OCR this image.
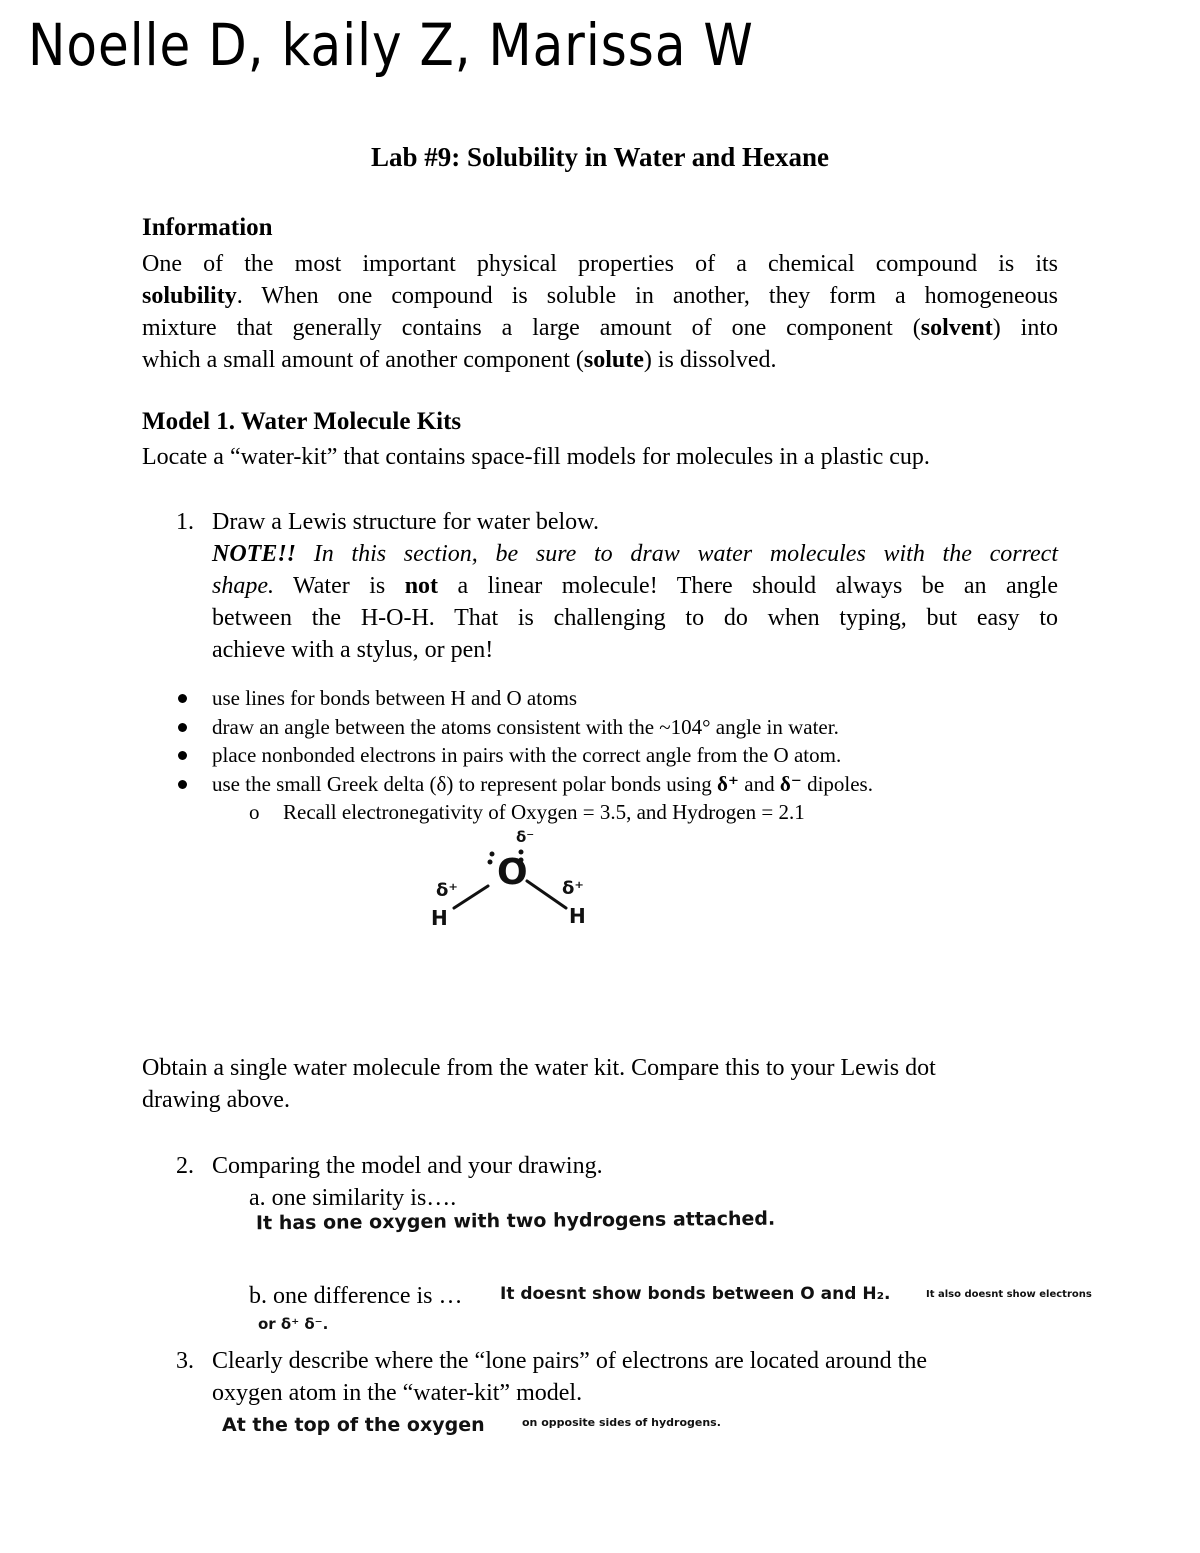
Noelle D, kaily Z, Marissa W
Lab #9: Solubility in Water and Hexane
Information
One of the most important physical properties of a chemical compound is its
solubility. When one compound is soluble in another, they form a homogeneous
mixture that generally contains a large amount of one component (solvent) into
which a small amount of another component (solute) is dissolved.
Model 1. Water Molecule Kits
Locate a “water-kit” that contains space-fill models for molecules in a plastic cup.
1. Draw a Lewis structure for water below.
NOTE!! In this section, be sure to draw water molecules with the correct
shape. Water is not a linear molecule! There should always be an angle
between the H-O-H. That is challenging to do when typing, but easy to
achieve with a stylus, or pen!
use lines for bonds between H and O atoms
draw an angle between the atoms consistent with the ~104° angle in water.
place nonbonded electrons in pairs with the correct angle from the O atom.
use the small Greek delta (δ) to represent polar bonds using δ⁺ and δ⁻ dipoles.
o Recall electronegativity of Oxygen = 3.5, and Hydrogen = 2.1
O
δ⁻
δ⁺	δ⁺
H	H
Obtain a single water molecule from the water kit. Compare this to your Lewis dot
drawing above.
2. Comparing the model and your drawing.
a. one similarity is….
It has one oxygen with two hydrogens attached.
b. one difference is … It doesnt show bonds between O and H₂.	It also doesnt show electrons
or δ⁺ δ⁻.
3. Clearly describe where the “lone pairs” of electrons are located around the
oxygen atom in the “water-kit” model.
At the top of the oxygen	on opposite sides of hydrogens.
